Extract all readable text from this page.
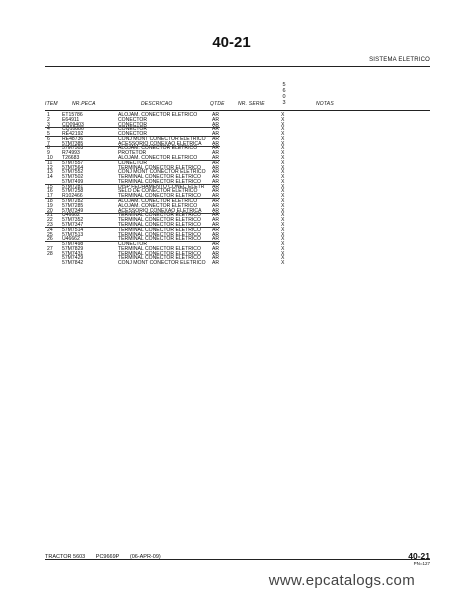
40-21
SISTEMA ELETRICO
5
6
0
3
ITEM	NR.PECA	DESCRICAO	QTDE	NR. SERIE	NOTAS
1 ET15786	ALOJAM. CONECTOR ELETRICO	AR	X
2 E64911	CONECTOR	AR	X
3 CQ09403	CONECTOR	AR	X
4 CQ10886	CONECTOR	AR	X
5 RE42192	CONECTOR	AR	X
6 RE48736	CONJ MONT CONECTOR ELETRICO AR	X
7 57M7385	ACESSORIO CONEXAO ELETRICA AR	X
8 57M7503	ALOJAM. CONECTOR ELETRICO	AR	X
9 R74993	PROTETOR	AR	X
10 T26683	ALOJAM. CONECTOR ELETRICO	AR	X
11 57M7557	CONECTOR	AR	X
12 57M7564	TERMINAL CONECTOR ELETRICO AR	X
13 57M7552	CONJ MONT CONECTOR ELETRICO AR	X
14 57M7502	TERMINAL CONECTOR ELETRICO AR	X
57M7499	TERMINAL CONECTOR ELETRICO AR	X
15 57M7281	DISP FECHAMENTO CONEC ELETR AR	X
16 57M7258	SELO DE CONECTOR ELETRICO	AR	X
17 R102466	TERMINAL CONECTOR ELETRICO AR	X
18 57M7282	ALOJAM. CONECTOR ELETRICO	AR	X
19 57M7285	ALOJAM. CONECTOR ELETRICO	AR	X
20 57M7349	ACESSORIO CONEXAO ELETRICA AR	X
21 U46662	TERMINAL CONECTOR ELETRICO AR	X
22 57M7352	TERMINAL CONECTOR ELETRICO AR	X
23 57M7347	TERMINAL CONECTOR ELETRICO AR	X
24 57M7514	TERMINAL CONECTOR ELETRICO AR	X
25 57M7513	TERMINAL CONECTOR ELETRICO AR	X
26 U46662	TERMINAL CONECTOR ELETRICO AR	X
57M7498	CONECTOR	AR	X
27 57M7829	TERMINAL CONECTOR ELETRICO AR	X
28 57M7431	TERMINAL CONECTOR ELETRICO AR	X
57M7429	TERMINAL CONECTOR ELETRICO AR	X
57M7842	CONJ MONT CONECTOR ELETRICO AR	X
TRACTOR 5603 PC9669P (06-APR-09)	40-21
PN=127
www.epcatalogs.com
